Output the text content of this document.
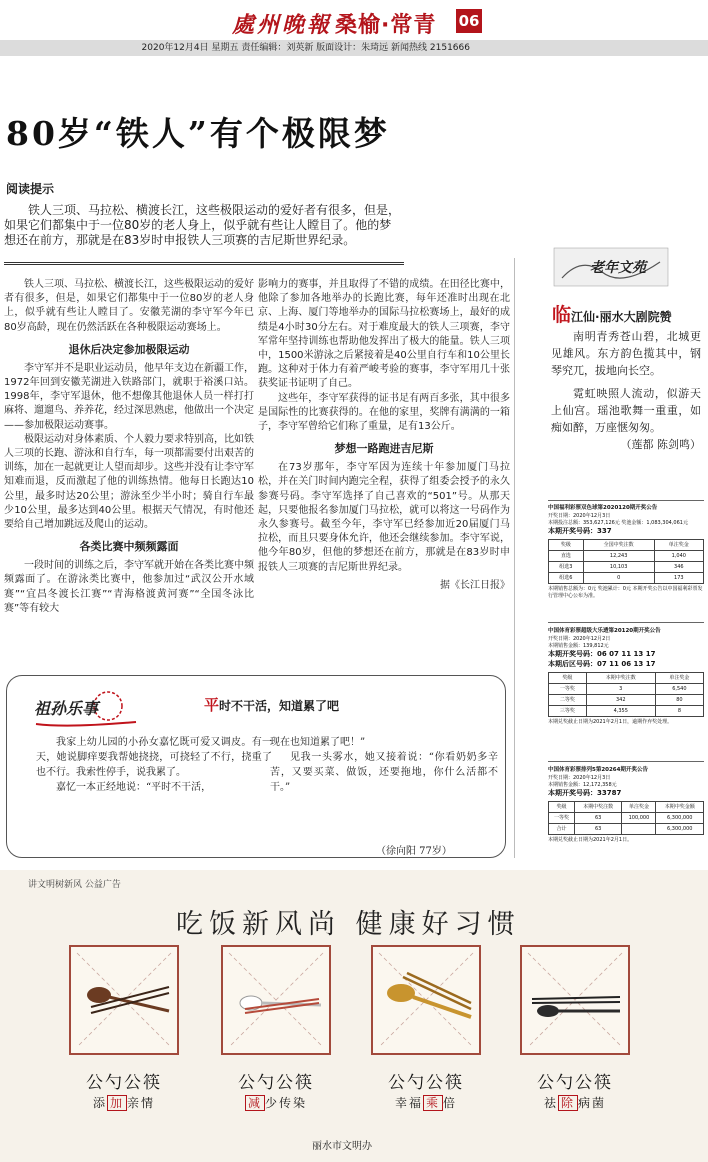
處州晚報 桑榆·常青 06
2020年12月4日 星期五 责任编辑：刘英新 版面设计：朱琦远 新闻热线 2151666
80岁“铁人”有个极限梦
阅读提示
铁人三项、马拉松、横渡长江，这些极限运动的爱好者有很多，但是，如果它们都集中于一位80岁的老人身上，似乎就有些让人瞠目了。他的梦想还在前方，那就是在83岁时申报铁人三项赛的吉尼斯世界纪录。

铁人三项、马拉松、横渡长江，这些极限运动的爱好者有很多，但是，如果它们都集中于一位80岁的老人身上，似乎就有些让人瞠目了。安徽芜湖的李守军今年已80岁高龄，现在仍然活跃在各种极限运动赛场上。

退休后决定参加极限运动

李守军并不是职业运动员，他早年支边在新疆工作，1972年回到安徽芜湖进入铁路部门，就职于裕溪口站。1998年，李守军退休，他不想像其他退休人员一样打打麻将、遛遛鸟、养养花，经过深思熟虑，他做出一个决定——参加极限运动赛事。

极限运动对身体素质、个人毅力要求特别高，比如铁人三项的长跑、游泳和自行车，每一项都需要付出艰苦的训练，加在一起就更让人望而却步。这些并没有让李守军知难而退，反而激起了他的训练热情。他每日长跑达10公里，最多时达20公里；游泳至少半小时；骑自行车最少10公里，最多达到40公里。根据天气情况，有时他还要给自己增加跳远及爬山的运动。

各类比赛中频频露面

一段时间的训练之后，李守军就开始在各类比赛中频频露面了。在游泳类比赛中，他参加过“武汉公开水域赛”“宜昌冬渡长江赛”“青海格渡黄河赛”“全国冬泳比赛”等有较大

影响力的赛事，并且取得了不错的成绩。在田径比赛中，他除了参加各地举办的长跑比赛，每年还准时出现在北京、上海、厦门等地举办的国际马拉松赛场上，最好的成绩是4小时30分左右。对于难度最大的铁人三项赛，李守军常年坚持训练也帮助他发挥出了极大的能量。铁人三项中，1500米游泳之后紧接着是40公里自行车和10公里长跑。这种对于体力有着严峻考验的赛事，李守军用几十张获奖证书证明了自己。

这些年，李守军获得的证书足有两百多张，其中很多是国际性的比赛获得的。在他的家里，奖牌有满满的一箱子，李守军曾给它们称了重量，足有13公斤。

梦想一路跑进吉尼斯

在73岁那年，李守军因为连续十年参加厦门马拉松，并在关门时间内跑完全程，获得了组委会授予的永久参赛号码。李守军选择了自己喜欢的“501”号。从那天起，只要他报名参加厦门马拉松，就可以将这一号码作为永久参赛号。截至今年，李守军已经参加近20届厦门马拉松，而且只要身体允许，他还会继续参加。李守军说，他今年80岁，但他的梦想还在前方，那就是在83岁时申报铁人三项赛的吉尼斯世界纪录。

据《长江日报》

祖孙乐事	平时不干活，知道累了吧

我家上幼儿园的小孙女嘉忆既可爱又调皮。有一天，她说脚痒要我帮她挠挠，可挠轻了不行，挠重了也不行。我索性停手，说我累了。

嘉忆一本正经地说：“平时不干活，

现在也知道累了吧！”

见我一头雾水，她又接着说：“你看奶奶多辛苦，又要买菜、做饭，还要拖地，你什么活都不干。”

（徐向阳 77岁）
老年文苑
临江仙·丽水大剧院赞

南明青秀苍山碧，北城更见雄风。东方韵色揽其中，钢琴究兀，拔地向长空。

霓虹映照人流动，似游天上仙宫。瑶池歌舞一重重，如痴如醉，万座惬匆匆。

（莲都 陈剑鸣）

中国福利彩票双色球第2020120期开奖公告
开奖日期：2020年12月3日
本期投注总额：353,627,126元 奖池金额：1,083,304,061元
本期开奖号码：337
奖级	全国中奖注数	单注奖金
直选	12,243	1,040
组选3	10,103	346
组选6	0	173
本期销售总额为：0元 奖池累计：0元 本期开奖公告以中国福利彩票发行管理中心公布为准。
中国体育彩票超级大乐透第20120期开奖公告
开奖日期：2020年12月2日
本期销售金额：139,812元
本期开奖号码：06 07 11 13 17
本期后区号码：07 11 06 13 17
奖级	本期中奖注数	单注奖金
一等奖	3	6,540
二等奖	342	80
三等奖	4,355	8
本期兑奖截止日期为2021年2月1日，逾期作弃奖处理。
中国体育彩票排列5第20264期开奖公告
开奖日期：2020年12月3日
本期销售金额：12,172,358元
本期开奖号码：33787
奖级	本期中奖注数	单注奖金	本期中奖金额
一等奖	63	100,000	6,300,000
合计	63		6,300,000
本期兑奖截止日期为2021年2月1日。
讲文明树新风 公益广告
吃饭新风尚 健康好习惯
公勺公筷	公勺公筷	公勺公筷	公勺公筷
添 加 亲情	减 少传染	幸福 乘 倍	祛 除 病菌
丽水市文明办
